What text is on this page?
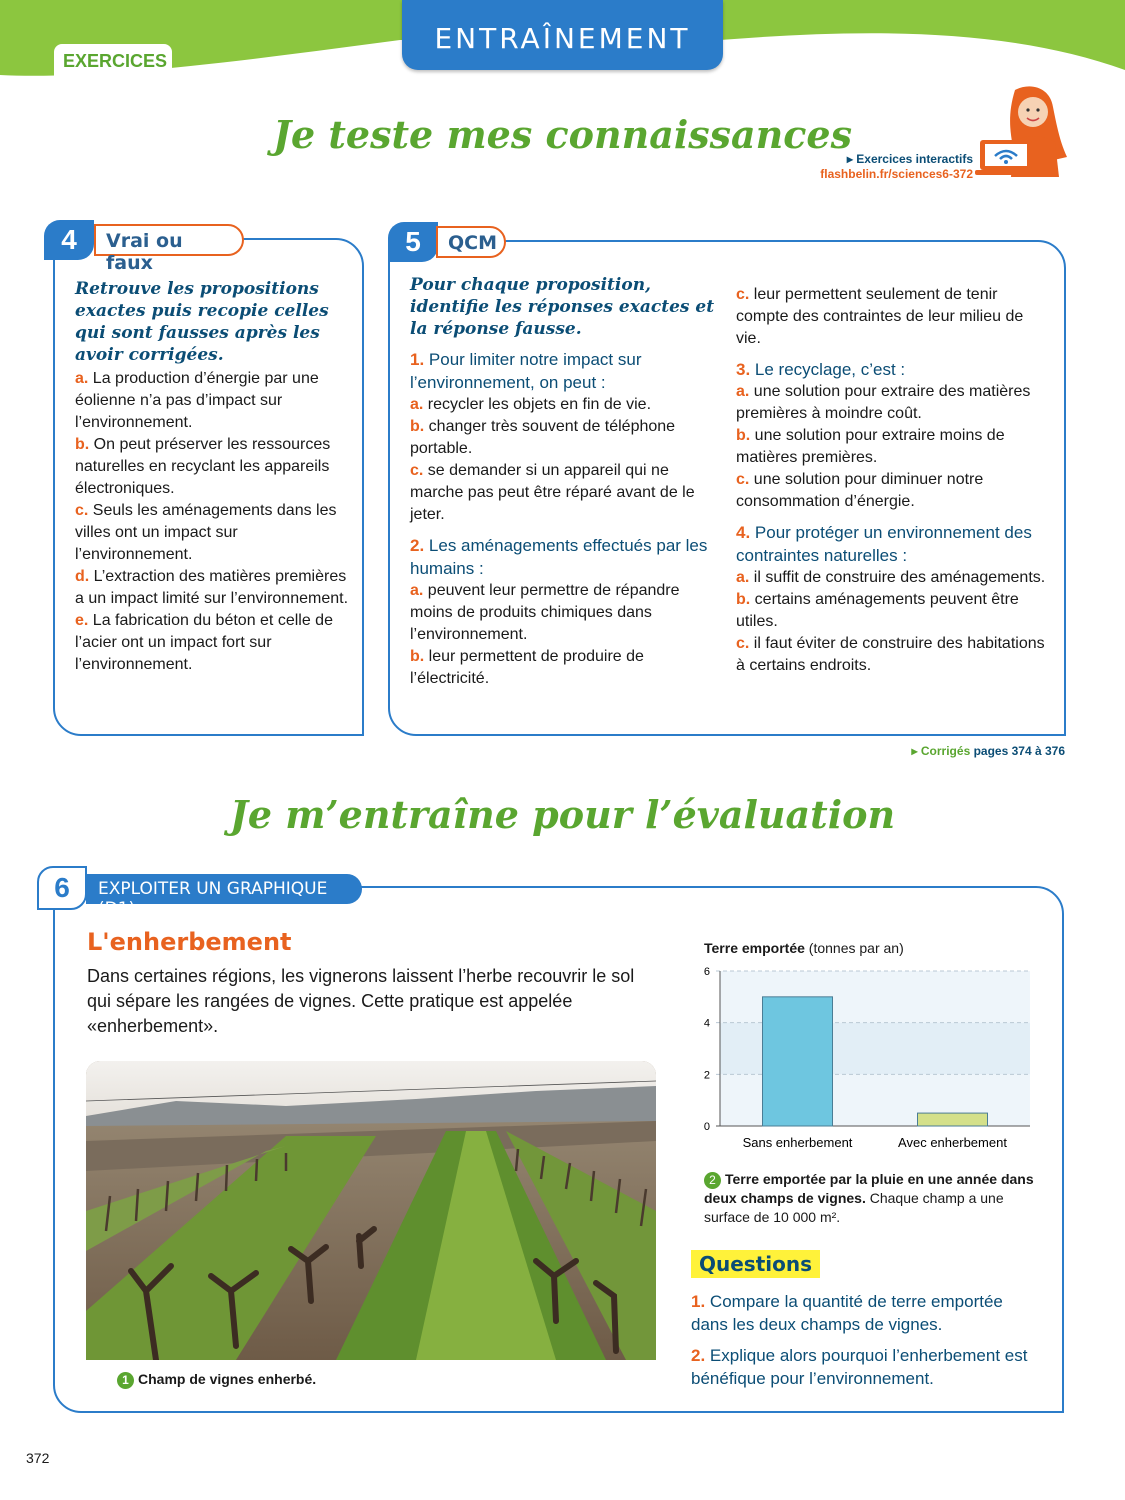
EXERCICES
ENTRAÎNEMENT
Je teste mes connaissances
▸ Exercices interactifs
flashbelin.fr/sciences6-372
4	Vrai ou faux
Retrouve les propositions exactes puis recopie celles qui sont fausses après les avoir corrigées.
a. La production d’énergie par une éolienne n’a pas d’impact sur l’environnement.
b. On peut préserver les ressources naturelles en recyclant les appareils électroniques.
c. Seuls les aménagements dans les villes ont un impact sur l’environnement.
d. L’extraction des matières premières a un impact limité sur l’environnement.
e. La fabrication du béton et celle de l’acier ont un impact fort sur l’environnement.
5	QCM
Pour chaque proposition, identifie les réponses exactes et la réponse fausse.
1. Pour limiter notre impact sur l’environnement, on peut :
a. recycler les objets en fin de vie.
b. changer très souvent de téléphone portable.
c. se demander si un appareil qui ne marche pas peut être réparé avant de le jeter.
2. Les aménagements effectués par les humains :
a. peuvent leur permettre de répandre moins de produits chimiques dans l’environnement.
b. leur permettent de produire de l’électricité.
c. leur permettent seulement de tenir compte des contraintes de leur milieu de vie.
3. Le recyclage, c’est :
a. une solution pour extraire des matières premières à moindre coût.
b. une solution pour extraire moins de matières premières.
c. une solution pour diminuer notre consommation d’énergie.
4. Pour protéger un environnement des contraintes naturelles :
a. il suffit de construire des aménagements.
b. certains aménagements peuvent être utiles.
c. il faut éviter de construire des habitations à certains endroits.
▸ Corrigés pages 374 à 376
Je m’entraîne pour l’évaluation
6	EXPLOITER UN GRAPHIQUE (D1)
L'enherbement
Dans certaines régions, les vignerons laissent l’herbe recouvrir le sol qui sépare les rangées de vignes. Cette pratique est appelée «enherbement».
1 Champ de vignes enherbé.
Terre emportée (tonnes par an)
0
2
4
6
Sans enherbement	Avec enherbement
2 Terre emportée par la pluie en une année dans deux champs de vignes. Chaque champ a une surface de 10 000 m².
Questions

1. Compare la quantité de terre emportée dans les deux champs de vignes.

2. Explique alors pourquoi l’enherbement est bénéfique pour l’environnement.

372
